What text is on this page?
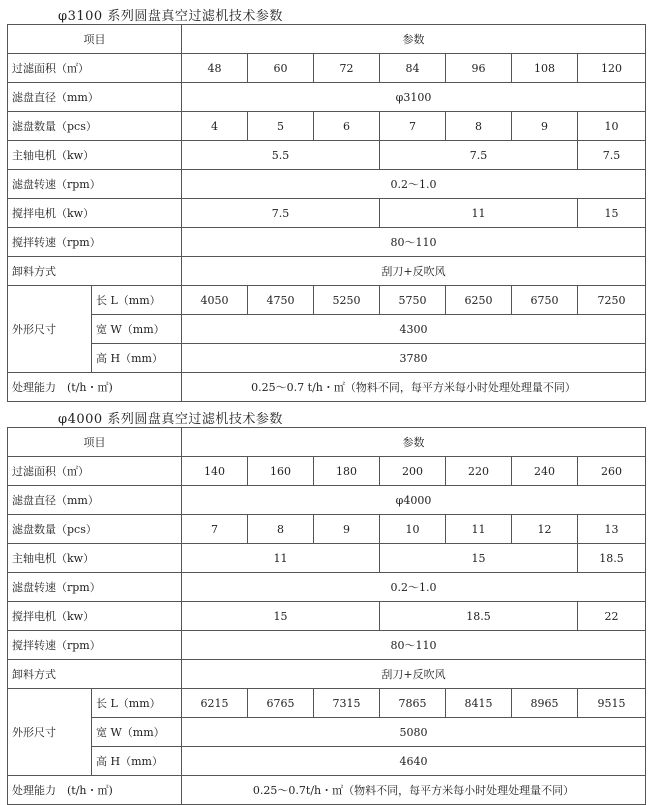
φ3100 系列圆盘真空过滤机技术参数
项目		参数						
过滤面积（㎡）		48	60	72	84	96	108	120
滤盘直径（mm）		φ3100						
滤盘数量（pcs）		4	5	6	7	8	9	10
主轴电机（kw）		5.5			7.5			7.5
滤盘转速（rpm）		0.2～1.0						
搅拌电机（kw）		7.5			11			15
搅拌转速（rpm）		80～110						
卸料方式		刮刀+反吹风						
外形尺寸	长 L（mm）	4050	4750	5250	5750	6250	6750	7250
	宽 W（mm）	4300						
	高 H（mm）	3780						
处理能力　(t/h・㎡)		0.25～0.7 t/h・㎡（物料不同，每平方米每小时处理处理量不同）						
φ4000 系列圆盘真空过滤机技术参数
项目		参数						
过滤面积（㎡）		140	160	180	200	220	240	260
滤盘直径（mm）		φ4000						
滤盘数量（pcs）		7	8	9	10	11	12	13
主轴电机（kw）		11			15			18.5
滤盘转速（rpm）		0.2～1.0						
搅拌电机（kw）		15			18.5			22
搅拌转速（rpm）		80～110						
卸料方式		刮刀+反吹风						
外形尺寸	长 L（mm）	6215	6765	7315	7865	8415	8965	9515
	宽 W（mm）	5080						
	高 H（mm）	4640						
处理能力　(t/h・㎡)		0.25～0.7t/h・㎡（物料不同，每平方米每小时处理处理量不同）						
